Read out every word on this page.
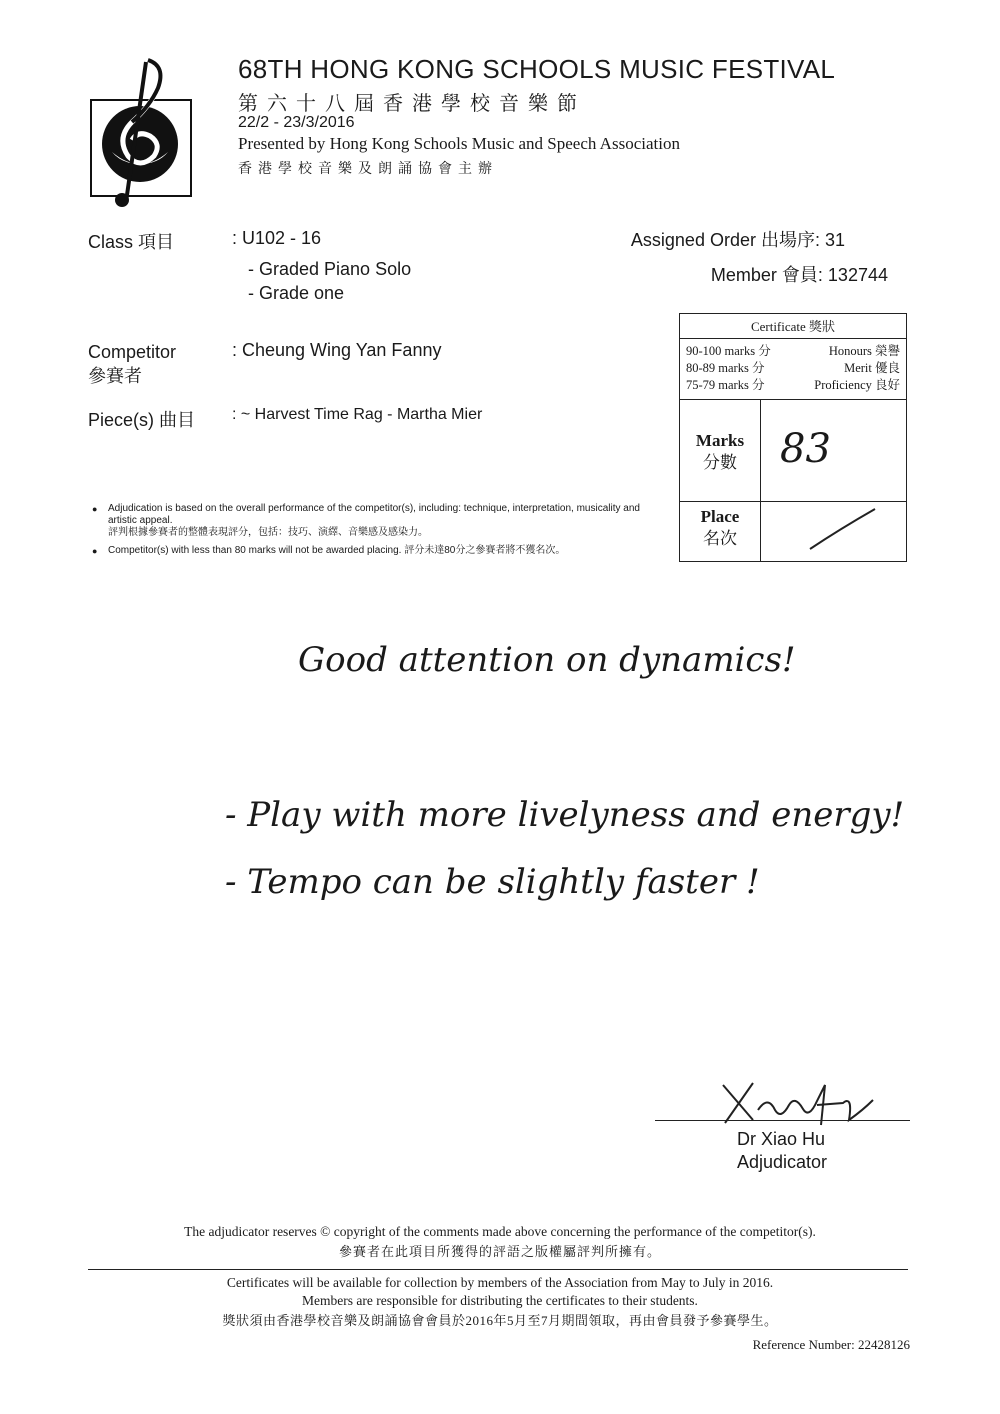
68TH HONG KONG SCHOOLS MUSIC FESTIVAL
第六十八屆香港學校音樂節
22/2 - 23/3/2016
Presented by Hong Kong Schools Music and Speech Association
香港學校音樂及朗誦協會主辦
Class 項目	: U102 - 16
- Graded Piano Solo
- Grade one
Assigned Order 出場序: 31
Member 會員: 132744
Competitor
參賽者
: Cheung Wing Yan Fanny
Piece(s) 曲目 : ~ Harvest Time Rag - Martha Mier
Certificate 獎狀
90-100 marks 分	Honours 榮譽
80-89 marks 分	Merit 優良
75-79 marks 分	Proficiency 良好
Marks
分數	83
Place
名次
● Adjudication is based on the overall performance of the competitor(s), including: technique, interpretation, musicality and artistic appeal.
評判根據參賽者的整體表現評分，包括：技巧、演繹、音樂感及感染力。
● Competitor(s) with less than 80 marks will not be awarded placing. 評分未達80分之參賽者將不獲名次。
Good attention on dynamics!
- Play with more livelyness and energy!
- Tempo can be slightly faster !
Dr Xiao Hu
Adjudicator
The adjudicator reserves © copyright of the comments made above concerning the performance of the competitor(s).
參賽者在此項目所獲得的評語之版權屬評判所擁有。
Certificates will be available for collection by members of the Association from May to July in 2016.
Members are responsible for distributing the certificates to their students.
獎狀須由香港學校音樂及朗誦協會會員於2016年5月至7月期間領取，再由會員發予參賽學生。
Reference Number: 22428126
